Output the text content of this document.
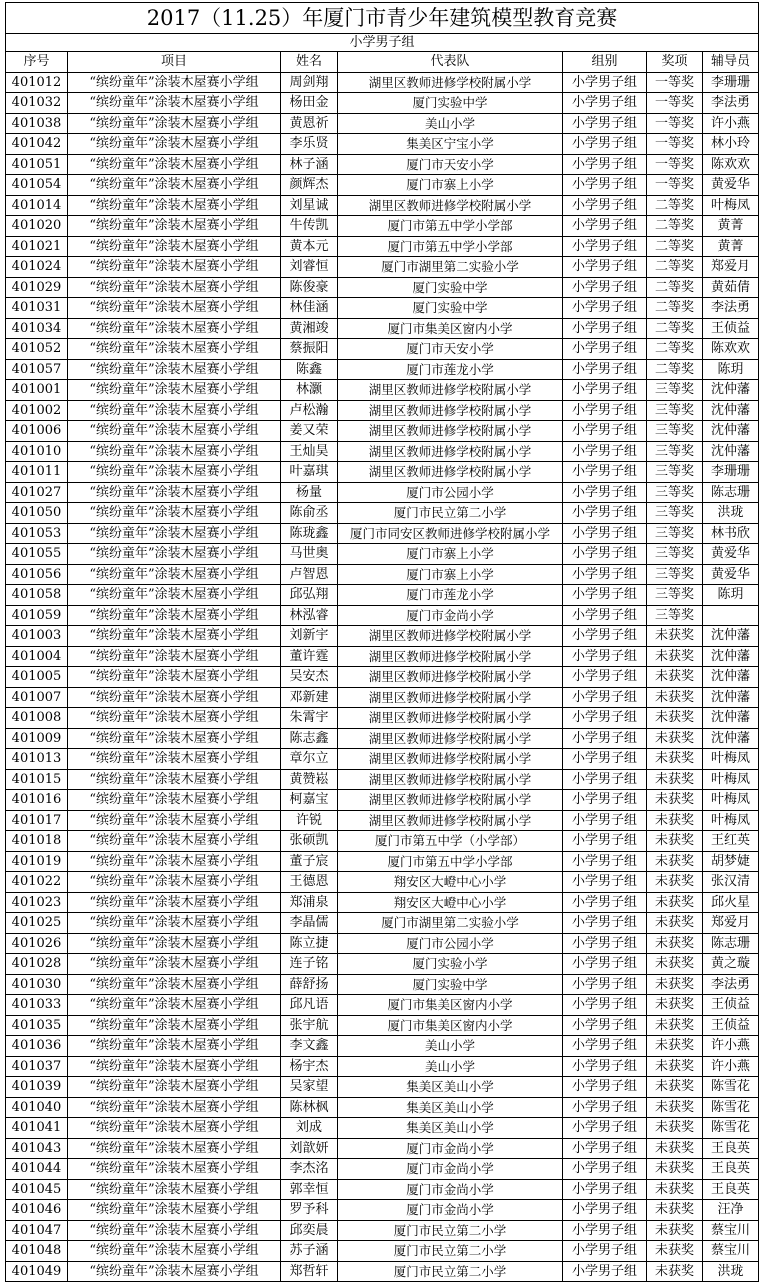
2017（11.25）年厦门市青少年建筑模型教育竞赛						
小学男子组						
序号	项目	姓名	代表队	组别	奖项	辅导员
401012	“缤纷童年”涂装木屋赛小学组	周剑翔	湖里区教师进修学校附属小学	小学男子组	一等奖	李珊珊
401032	“缤纷童年”涂装木屋赛小学组	杨田金	厦门实验中学	小学男子组	一等奖	李法勇
401038	“缤纷童年”涂装木屋赛小学组	黄恩祈	美山小学	小学男子组	一等奖	许小燕
401042	“缤纷童年”涂装木屋赛小学组	李乐贤	集美区宁宝小学	小学男子组	一等奖	林小玲
401051	“缤纷童年”涂装木屋赛小学组	林子涵	厦门市天安小学	小学男子组	一等奖	陈欢欢
401054	“缤纷童年”涂装木屋赛小学组	颜辉杰	厦门市寨上小学	小学男子组	一等奖	黄爱华
401014	“缤纷童年”涂装木屋赛小学组	刘星诚	湖里区教师进修学校附属小学	小学男子组	二等奖	叶梅凤
401020	“缤纷童年”涂装木屋赛小学组	牛传凯	厦门市第五中学小学部	小学男子组	二等奖	黄菁
401021	“缤纷童年”涂装木屋赛小学组	黄本元	厦门市第五中学小学部	小学男子组	二等奖	黄菁
401024	“缤纷童年”涂装木屋赛小学组	刘睿恒	厦门市湖里第二实验小学	小学男子组	二等奖	郑爱月
401029	“缤纷童年”涂装木屋赛小学组	陈俊豪	厦门实验中学	小学男子组	二等奖	黄茹倩
401031	“缤纷童年”涂装木屋赛小学组	林佳涵	厦门实验中学	小学男子组	二等奖	李法勇
401034	“缤纷童年”涂装木屋赛小学组	黄湘竣	厦门市集美区窗内小学	小学男子组	二等奖	王侦益
401052	“缤纷童年”涂装木屋赛小学组	蔡振阳	厦门市天安小学	小学男子组	二等奖	陈欢欢
401057	“缤纷童年”涂装木屋赛小学组	陈鑫	厦门市莲龙小学	小学男子组	二等奖	陈玥
401001	“缤纷童年”涂装木屋赛小学组	林灏	湖里区教师进修学校附属小学	小学男子组	三等奖	沈仲藩
401002	“缤纷童年”涂装木屋赛小学组	卢松瀚	湖里区教师进修学校附属小学	小学男子组	三等奖	沈仲藩
401006	“缤纷童年”涂装木屋赛小学组	姜又荣	湖里区教师进修学校附属小学	小学男子组	三等奖	沈仲藩
401010	“缤纷童年”涂装木屋赛小学组	王灿昊	湖里区教师进修学校附属小学	小学男子组	三等奖	沈仲藩
401011	“缤纷童年”涂装木屋赛小学组	叶嘉琪	湖里区教师进修学校附属小学	小学男子组	三等奖	李珊珊
401027	“缤纷童年”涂装木屋赛小学组	杨量	厦门市公园小学	小学男子组	三等奖	陈志珊
401050	“缤纷童年”涂装木屋赛小学组	陈俞丞	厦门市民立第二小学	小学男子组	三等奖	洪珑
401053	“缤纷童年”涂装木屋赛小学组	陈珑鑫	厦门市同安区教师进修学校附属小学	小学男子组	三等奖	林书欣
401055	“缤纷童年”涂装木屋赛小学组	马世奥	厦门市寨上小学	小学男子组	三等奖	黄爱华
401056	“缤纷童年”涂装木屋赛小学组	卢智恩	厦门市寨上小学	小学男子组	三等奖	黄爱华
401058	“缤纷童年”涂装木屋赛小学组	邱弘翔	厦门市莲龙小学	小学男子组	三等奖	陈玥
401059	“缤纷童年”涂装木屋赛小学组	林泓睿	厦门市金尚小学	小学男子组	三等奖	
401003	“缤纷童年”涂装木屋赛小学组	刘新宇	湖里区教师进修学校附属小学	小学男子组	未获奖	沈仲藩
401004	“缤纷童年”涂装木屋赛小学组	董许霆	湖里区教师进修学校附属小学	小学男子组	未获奖	沈仲藩
401005	“缤纷童年”涂装木屋赛小学组	吴安杰	湖里区教师进修学校附属小学	小学男子组	未获奖	沈仲藩
401007	“缤纷童年”涂装木屋赛小学组	邓新建	湖里区教师进修学校附属小学	小学男子组	未获奖	沈仲藩
401008	“缤纷童年”涂装木屋赛小学组	朱霄宇	湖里区教师进修学校附属小学	小学男子组	未获奖	沈仲藩
401009	“缤纷童年”涂装木屋赛小学组	陈志鑫	湖里区教师进修学校附属小学	小学男子组	未获奖	沈仲藩
401013	“缤纷童年”涂装木屋赛小学组	章尔立	湖里区教师进修学校附属小学	小学男子组	未获奖	叶梅凤
401015	“缤纷童年”涂装木屋赛小学组	黄赞崧	湖里区教师进修学校附属小学	小学男子组	未获奖	叶梅凤
401016	“缤纷童年”涂装木屋赛小学组	柯嘉宝	湖里区教师进修学校附属小学	小学男子组	未获奖	叶梅凤
401017	“缤纷童年”涂装木屋赛小学组	许锐	湖里区教师进修学校附属小学	小学男子组	未获奖	叶梅凤
401018	“缤纷童年”涂装木屋赛小学组	张硕凯	厦门市第五中学（小学部）	小学男子组	未获奖	王红英
401019	“缤纷童年”涂装木屋赛小学组	董子宸	厦门市第五中学小学部	小学男子组	未获奖	胡梦婕
401022	“缤纷童年”涂装木屋赛小学组	王德恩	翔安区大嶝中心小学	小学男子组	未获奖	张汉清
401023	“缤纷童年”涂装木屋赛小学组	郑浦泉	翔安区大嶝中心小学	小学男子组	未获奖	邱火星
401025	“缤纷童年”涂装木屋赛小学组	李晶儒	厦门市湖里第二实验小学	小学男子组	未获奖	郑爱月
401026	“缤纷童年”涂装木屋赛小学组	陈立捷	厦门市公园小学	小学男子组	未获奖	陈志珊
401028	“缤纷童年”涂装木屋赛小学组	连子铭	厦门实验小学	小学男子组	未获奖	黄之璇
401030	“缤纷童年”涂装木屋赛小学组	薛舒扬	厦门实验中学	小学男子组	未获奖	李法勇
401033	“缤纷童年”涂装木屋赛小学组	邱凡语	厦门市集美区窗内小学	小学男子组	未获奖	王侦益
401035	“缤纷童年”涂装木屋赛小学组	张宇航	厦门市集美区窗内小学	小学男子组	未获奖	王侦益
401036	“缤纷童年”涂装木屋赛小学组	李文鑫	美山小学	小学男子组	未获奖	许小燕
401037	“缤纷童年”涂装木屋赛小学组	杨宇杰	美山小学	小学男子组	未获奖	许小燕
401039	“缤纷童年”涂装木屋赛小学组	吴家望	集美区美山小学	小学男子组	未获奖	陈雪花
401040	“缤纷童年”涂装木屋赛小学组	陈林枫	集美区美山小学	小学男子组	未获奖	陈雪花
401041	“缤纷童年”涂装木屋赛小学组	刘成	集美区美山小学	小学男子组	未获奖	陈雪花
401043	“缤纷童年”涂装木屋赛小学组	刘歆妍	厦门市金尚小学	小学男子组	未获奖	王良英
401044	“缤纷童年”涂装木屋赛小学组	李杰洺	厦门市金尚小学	小学男子组	未获奖	王良英
401045	“缤纷童年”涂装木屋赛小学组	郭幸恒	厦门市金尚小学	小学男子组	未获奖	王良英
401046	“缤纷童年”涂装木屋赛小学组	罗予科	厦门市金尚小学	小学男子组	未获奖	汪净
401047	“缤纷童年”涂装木屋赛小学组	邱奕晨	厦门市民立第二小学	小学男子组	未获奖	蔡宝川
401048	“缤纷童年”涂装木屋赛小学组	苏子涵	厦门市民立第二小学	小学男子组	未获奖	蔡宝川
401049	“缤纷童年”涂装木屋赛小学组	郑哲轩	厦门市民立第二小学	小学男子组	未获奖	洪珑
